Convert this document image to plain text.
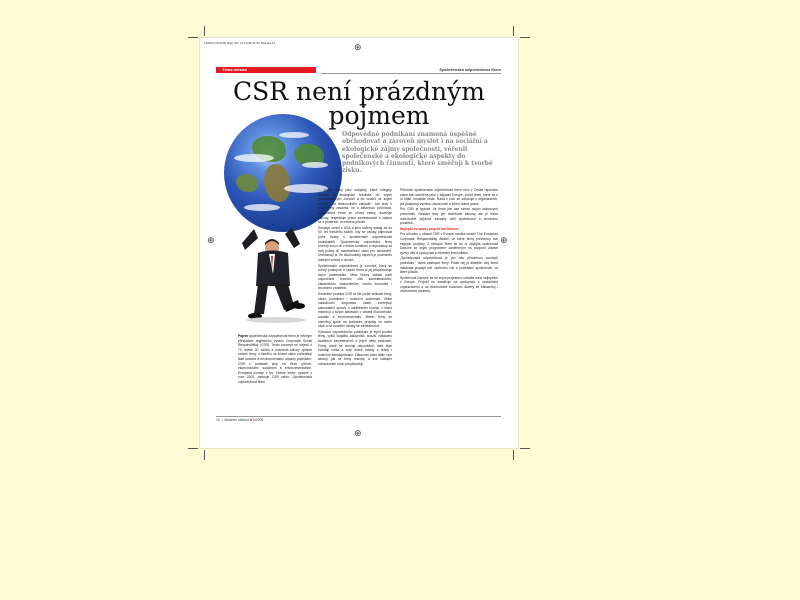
⊕
⊕
⊕	⊕
TEHKO 06-2009 (EH) SO. 21:13:48 11:00 Strânka 14
Téma měsíce	Společenská odpovědnost firem
CSR není prázdným
pojmem
Odpovědné podnikání znamená úspěšně obchodovat a zároveň myslet i na sociální a ekologické zájmy společnosti, věřenit společenské a ekologické aspekty do podnikových činností, které směřují k tvorbě zisku.

Pojem společenská odpovědnost firem je běžným překladem anglického výrazu Corporate Social Responsibility (CSR). Tento koncept se objevil v 70. letech 20. století a znamená takový způsob vedení firmy, u kterého se kromě zisku zohledňují také sociální a environmentální dopady podnikání. CSR v podstatě stojí na třech pilířích: ekonomickém, sociálním a environmentálním. Evropská komise v tzv. Zelené knize, vydané v roce 2001, definuje CSR takto: „Společenská odpovědnost firem

... chápe firmy jako subjekty, které integrují sociální a ekologické hlediska do svých podnikatelských činností a do vztahů se svými partnery na dobrovolném základě.“ Jde tedy o dobrovolný závazek, ne o zákonnou povinnost. Odpovědná firma se chová eticky, dodržuje zákony, respektuje práva zaměstnanců a zajímá se o prostředí, ve kterém působí.

Koncept vznikl v USA a jeho kořeny sahají až do 50. let minulého století, kdy se začaly objevovat první úvahy o společenské odpovědnosti podnikatelů. Společensky odpovědné firmy vnímají svou roli v širším kontextu a nepovažují za svůj jediný cíl maximalizaci zisku pro akcionáře. Uvědomují si, že dlouhodobý úspěch je podmíněn dobrými vztahy s okolím.

Společenská odpovědnost je koncept, který se rozvíjí postupně a každá firma si jej přizpůsobuje svým podmínkám. Mezi hlavní oblasti patří odpovědné chování vůči zaměstnancům, zákazníkům, dodavatelům, místní komunitě i životnímu prostředí.

Konkrétní podoba CSR se liší podle velikosti firmy, oboru podnikání i místních podmínek. Velké nadnárodní korporace často zveřejňují samostatné zprávy o udržitelném rozvoji, v nichž informují o svých aktivitách v oblasti ekonomické, sociální a environmentální. Menší firmy se zaměřují spíše na konkrétní projekty ve svém okolí a na korektní vztahy se zaměstnanci.

Výhodou odpovědného podnikání je lepší pověst firmy, vyšší loajalita zákazníků, snazší získávání kvalitních zaměstnanců a jejich větší motivace. Firmy, které se chovají odpovědně, také lépe zvládají rizika a mají dobré vztahy s úřady i místními samosprávami. Zákazníci dnes stále více sledují, jak se firmy chovají, a své nákupní rozhodování tomu přizpůsobují.

Přestože společenská odpovědnost firem není v České republice zatím tak rozšířena jako v západní Evropě, počet firem, které se k ní hlásí, neustále roste. Řada z nich se sdružuje v organizacích, jež podporují výměnu zkušeností a šíření dobré praxe.

Pro CSR je typické, že firma jde nad rámec svých zákonných povinností. Nestačí tedy jen dodržovat zákony, ale je třeba dobrovolně přijmout závazky vůči společnosti a životnímu prostředí.

Nejlepší evropský projekt má Danone

Pro síťování v oblasti CSR v Evropě vznikla soutěž The European Corporate Responsibility Award, ve které firmy prezentují své nejlepší projekty. Z českých firem se do ní zapojila společnost Danone se svým programem zaměřeným na podporu zdravé výživy dětí a spolupráci s místními komunitami.

„Společenská odpovědnost je pro nás přirozenou součástí podnikání,“ uvedl zástupce firmy. Podle něj je důležité, aby firma dokázala propojit své obchodní cíle s potřebami společnosti, ve které působí.

Společnost Danone se se svým projektem umístila mezi nejlepšími v Evropě. Projekt se zaměřuje na spolupráci s nevládními organizacemi a na dlouhodobé budování důvěry se zákazníky i obchodními partnery.

14  |  Moderní obchod ■ 6/2009
